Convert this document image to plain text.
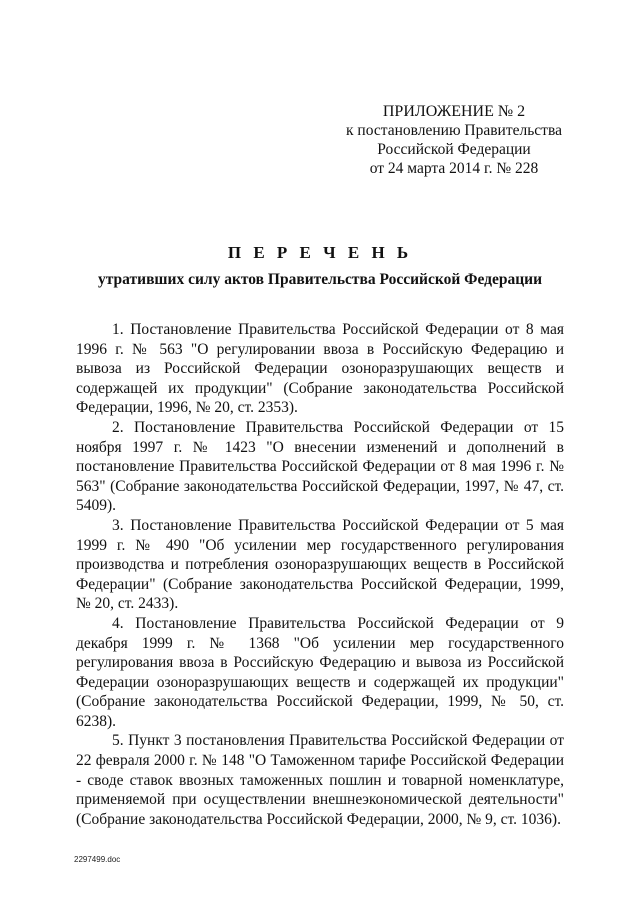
ПРИЛОЖЕНИЕ № 2
к постановлению Правительства
Российской Федерации
от 24 марта 2014 г. № 228
П Е Р Е Ч Е Н Ь
утративших силу актов Правительства Российской Федерации

1. Постановление Правительства Российской Федерации от 8 мая 1996 г. № 563 "О регулировании ввоза в Российскую Федерацию и вывоза из Российской Федерации озоноразрушающих веществ и содержащей их продукции" (Собрание законодательства Российской Федерации, 1996, № 20, ст. 2353).

2. Постановление Правительства Российской Федерации от 15 ноября 1997 г. № 1423 "О внесении изменений и дополнений в постановление Правительства Российской Федерации от 8 мая 1996 г. № 563" (Собрание законодательства Российской Федерации, 1997, № 47, ст. 5409).

3. Постановление Правительства Российской Федерации от 5 мая 1999 г. № 490 "Об усилении мер государственного регулирования производства и потребления озоноразрушающих веществ в Российской Федерации" (Собрание законодательства Российской Федерации, 1999, № 20, ст. 2433).

4. Постановление Правительства Российской Федерации от 9 декабря 1999 г. № 1368 "Об усилении мер государственного регулирования ввоза в Российскую Федерацию и вывоза из Российской Федерации озоноразрушающих веществ и содержащей их продукции" (Собрание законодательства Российской Федерации, 1999, № 50, ст. 6238).

5. Пункт 3 постановления Правительства Российской Федерации от 22 февраля 2000 г. № 148 "О Таможенном тарифе Российской Федерации - своде ставок ввозных таможенных пошлин и товарной номенклатуре, применяемой при осуществлении внешнеэкономической деятельности" (Собрание законодательства Российской Федерации, 2000, № 9, ст. 1036).

2297499.doc
